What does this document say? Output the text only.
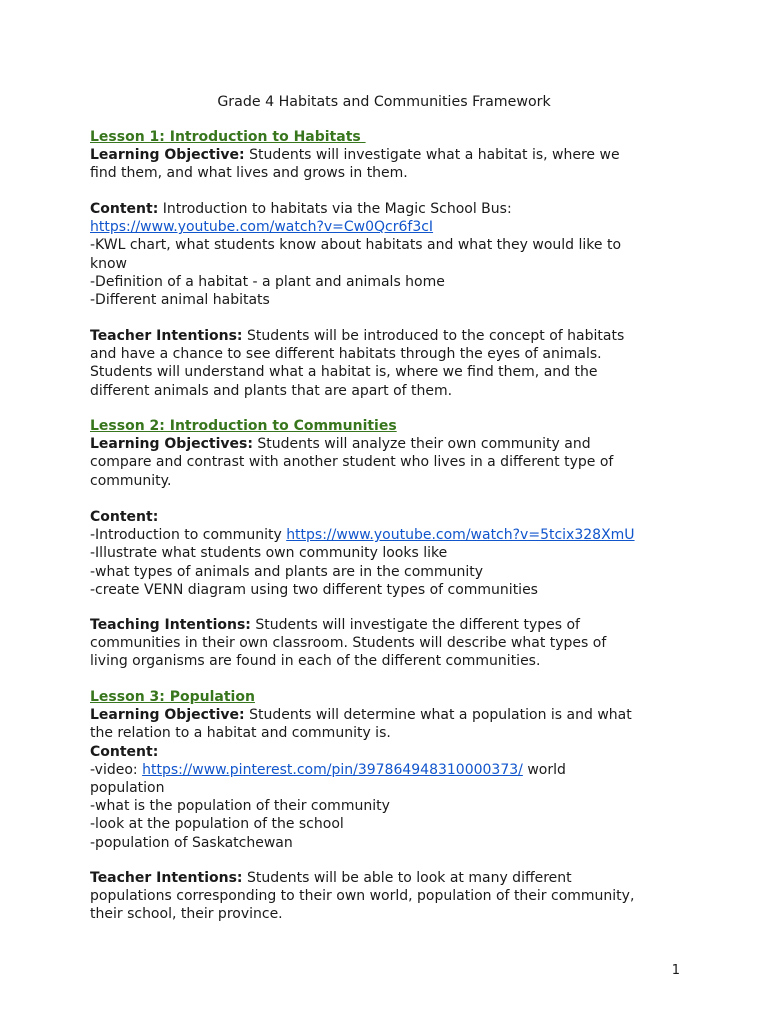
Grade 4 Habitats and Communities Framework
Lesson 1: Introduction to Habitats
Learning Objective: Students will investigate what a habitat is, where we
find them, and what lives and grows in them.
Content: Introduction to habitats via the Magic School Bus:
https://www.youtube.com/watch?v=Cw0Qcr6f3cI
-KWL chart, what students know about habitats and what they would like to
know
-Definition of a habitat - a plant and animals home
-Different animal habitats
Teacher Intentions: Students will be introduced to the concept of habitats
and have a chance to see different habitats through the eyes of animals.
Students will understand what a habitat is, where we find them, and the
different animals and plants that are apart of them.
Lesson 2: Introduction to Communities
Learning Objectives: Students will analyze their own community and
compare and contrast with another student who lives in a different type of
community.
Content:
-Introduction to community https://www.youtube.com/watch?v=5tcix328XmU
-Illustrate what students own community looks like
-what types of animals and plants are in the community
-create VENN diagram using two different types of communities
Teaching Intentions: Students will investigate the different types of
communities in their own classroom. Students will describe what types of
living organisms are found in each of the different communities.
Lesson 3: Population
Learning Objective: Students will determine what a population is and what
the relation to a habitat and community is.
Content:
-video: https://www.pinterest.com/pin/397864948310000373/ world
population
-what is the population of their community
-look at the population of the school
-population of Saskatchewan
Teacher Intentions: Students will be able to look at many different
populations corresponding to their own world, population of their community,
their school, their province.
1
